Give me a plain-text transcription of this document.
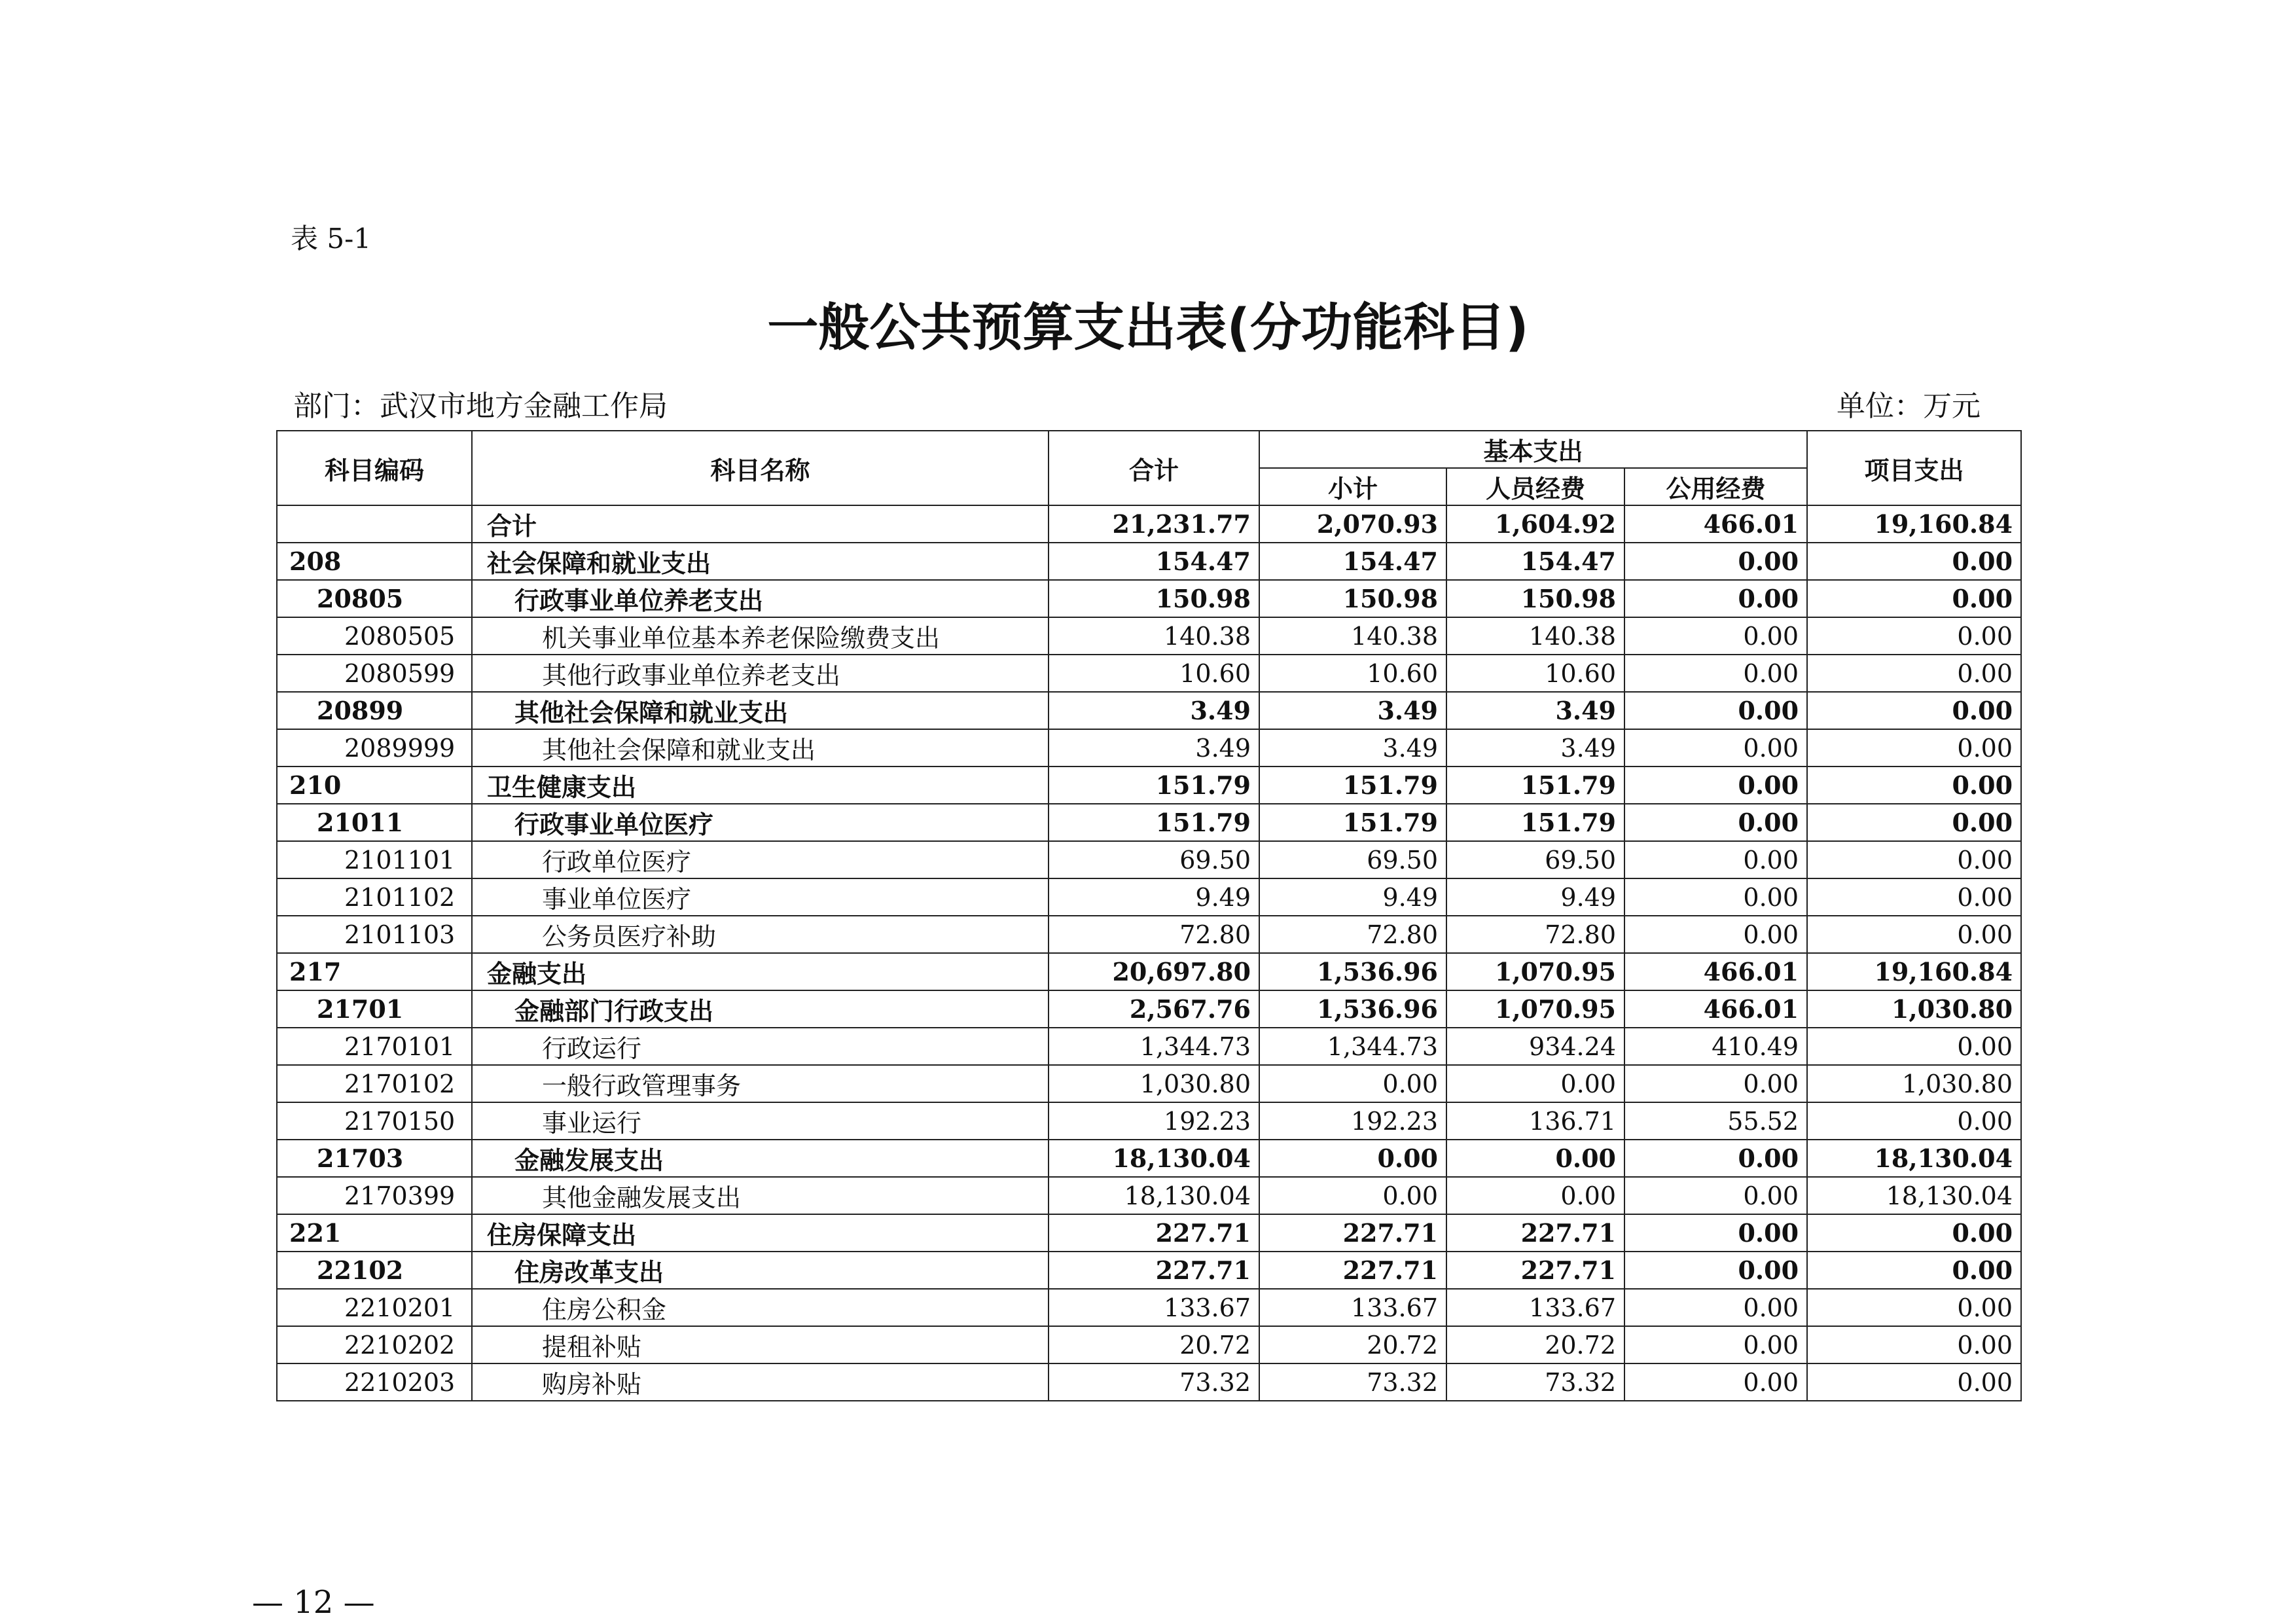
表 5-1
一般公共预算支出表(分功能科目)
部门：武汉市地方金融工作局	单位：万元
科目编码	科目名称	合计	基本支出			项目支出
			小计	人员经费	公用经费	
	合计	21,231.77	2,070.93	1,604.92	466.01	19,160.84
208	社会保障和就业支出	154.47	154.47	154.47	0.00	0.00
20805	行政事业单位养老支出	150.98	150.98	150.98	0.00	0.00
2080505	机关事业单位基本养老保险缴费支出	140.38	140.38	140.38	0.00	0.00
2080599	其他行政事业单位养老支出	10.60	10.60	10.60	0.00	0.00
20899	其他社会保障和就业支出	3.49	3.49	3.49	0.00	0.00
2089999	其他社会保障和就业支出	3.49	3.49	3.49	0.00	0.00
210	卫生健康支出	151.79	151.79	151.79	0.00	0.00
21011	行政事业单位医疗	151.79	151.79	151.79	0.00	0.00
2101101	行政单位医疗	69.50	69.50	69.50	0.00	0.00
2101102	事业单位医疗	9.49	9.49	9.49	0.00	0.00
2101103	公务员医疗补助	72.80	72.80	72.80	0.00	0.00
217	金融支出	20,697.80	1,536.96	1,070.95	466.01	19,160.84
21701	金融部门行政支出	2,567.76	1,536.96	1,070.95	466.01	1,030.80
2170101	行政运行	1,344.73	1,344.73	934.24	410.49	0.00
2170102	一般行政管理事务	1,030.80	0.00	0.00	0.00	1,030.80
2170150	事业运行	192.23	192.23	136.71	55.52	0.00
21703	金融发展支出	18,130.04	0.00	0.00	0.00	18,130.04
2170399	其他金融发展支出	18,130.04	0.00	0.00	0.00	18,130.04
221	住房保障支出	227.71	227.71	227.71	0.00	0.00
22102	住房改革支出	227.71	227.71	227.71	0.00	0.00
2210201	住房公积金	133.67	133.67	133.67	0.00	0.00
2210202	提租补贴	20.72	20.72	20.72	0.00	0.00
2210203	购房补贴	73.32	73.32	73.32	0.00	0.00
— 12 —
